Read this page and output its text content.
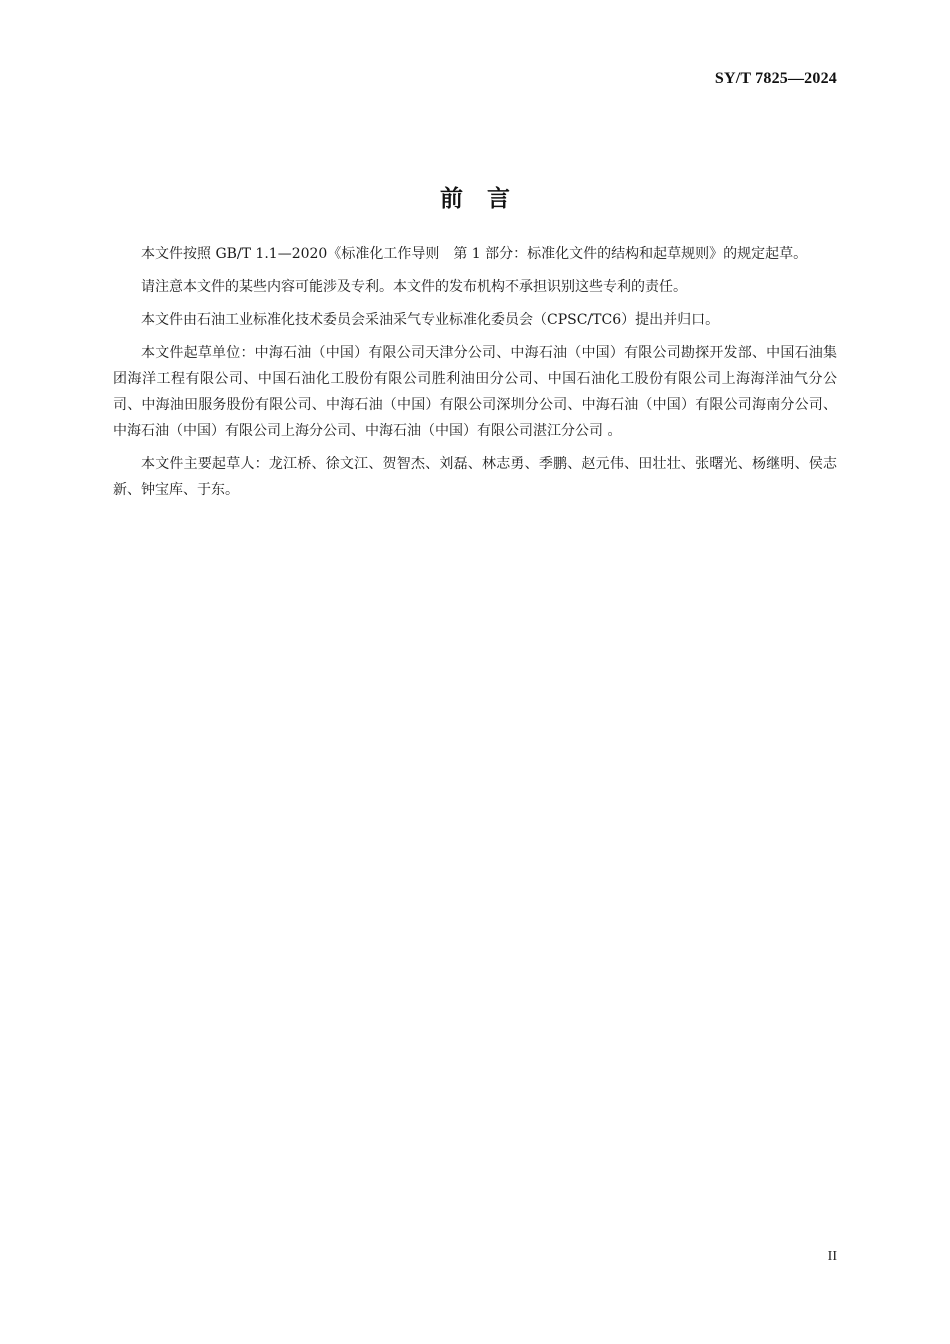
SY/T 7825—2024
前 言

本文件按照 GB/T 1.1—2020《标准化工作导则　第 1 部分：标准化文件的结构和起草规则》的规定起草。

请注意本文件的某些内容可能涉及专利。本文件的发布机构不承担识别这些专利的责任。

本文件由石油工业标准化技术委员会采油采气专业标准化委员会（CPSC/TC6）提出并归口。

本文件起草单位：中海石油（中国）有限公司天津分公司、中海石油（中国）有限公司勘探开发部、中国石油集团海洋工程有限公司、中国石油化工股份有限公司胜利油田分公司、中国石油化工股份有限公司上海海洋油气分公司、中海油田服务股份有限公司、中海石油（中国）有限公司深圳分公司、中海石油（中国）有限公司海南分公司、中海石油（中国）有限公司上海分公司、中海石油（中国）有限公司湛江分公司 。

本文件主要起草人：龙江桥、徐文江、贺智杰、刘磊、林志勇、季鹏、赵元伟、田壮壮、张曙光、杨继明、侯志新、钟宝库、于东。

II
